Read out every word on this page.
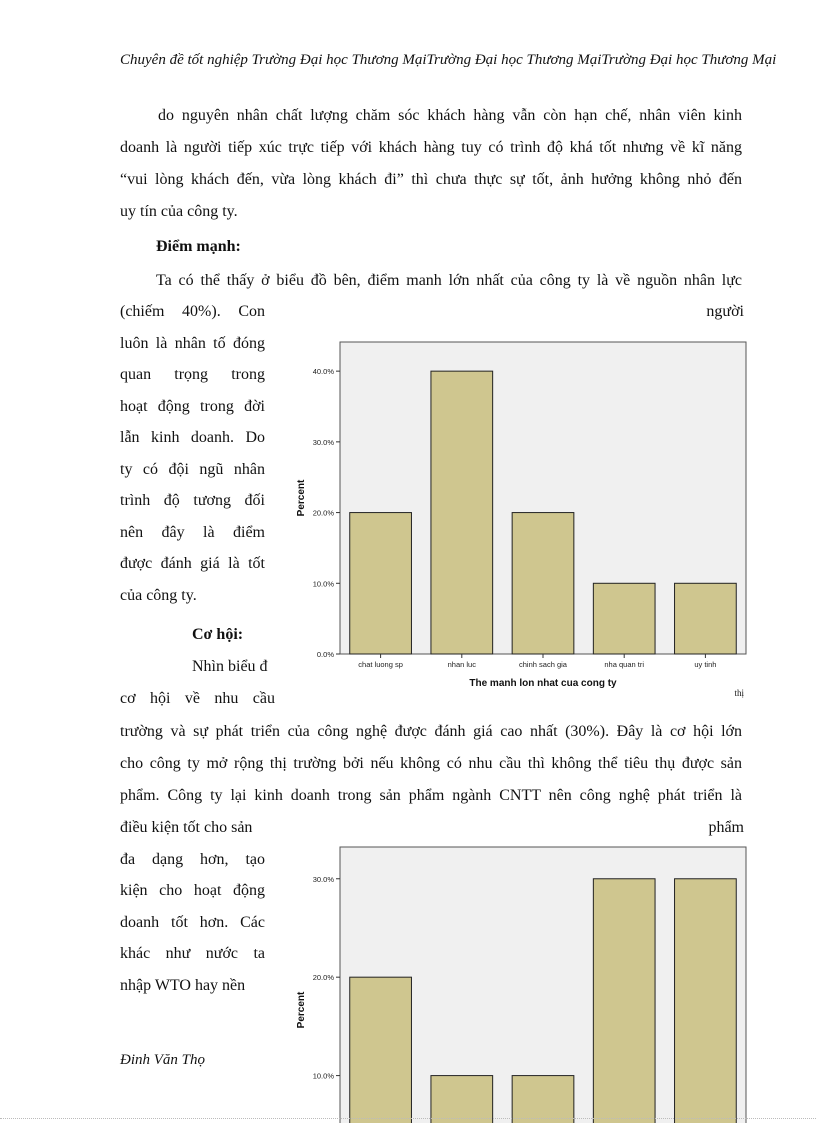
Chuyên đề tốt nghiệp Trường Đại học Thương MạiTrường Đại học Thương MạiTrường Đại học Thương Mại
do nguyên nhân chất lượng chăm sóc khách hàng vẫn còn hạn chế, nhân viên kinh
doanh là người tiếp xúc trực tiếp với khách hàng tuy có trình độ khá tốt nhưng về kĩ năng
“vui lòng khách đến, vừa lòng khách đi” thì chưa thực sự tốt, ảnh hưởng không nhỏ đến
uy tín của công ty.
Điểm mạnh:
Ta có thể thấy ở biểu đồ bên, điểm manh lớn nhất của công ty là về nguồn nhân lực
(chiếm 40%). Con
luôn là nhân tố đóng
quan trọng trong
hoạt động trong đời
lẫn kinh doanh. Do
ty có đội ngũ nhân
trình độ tương đối
nên đây là điểm
được đánh giá là tốt
của công ty.
người
Cơ hội:
Nhìn biểu đ
cơ hội về nhu cầu	thị
trường và sự phát triển của công nghệ được đánh giá cao nhất (30%). Đây là cơ hội lớn
cho công ty mở rộng thị trường bởi nếu không có nhu cầu thì không thể tiêu thụ được sản
phẩm. Công ty lại kinh doanh trong sản phẩm ngành CNTT nên công nghệ phát triển là
điều kiện tốt cho sản
đa dạng hơn, tạo
kiện cho hoạt động
doanh tốt hơn. Các
khác như nước ta
nhập WTO hay nền
phẩm
0.0%
10.0%
20.0%
30.0%
40.0%
chat luong sp	nhan luc	chinh sach gia	nha quan tri	uy tinh
Percent
The manh lon nhat cua cong ty
10.0%
20.0%
30.0%
Percent
Đinh Văn Thọ
